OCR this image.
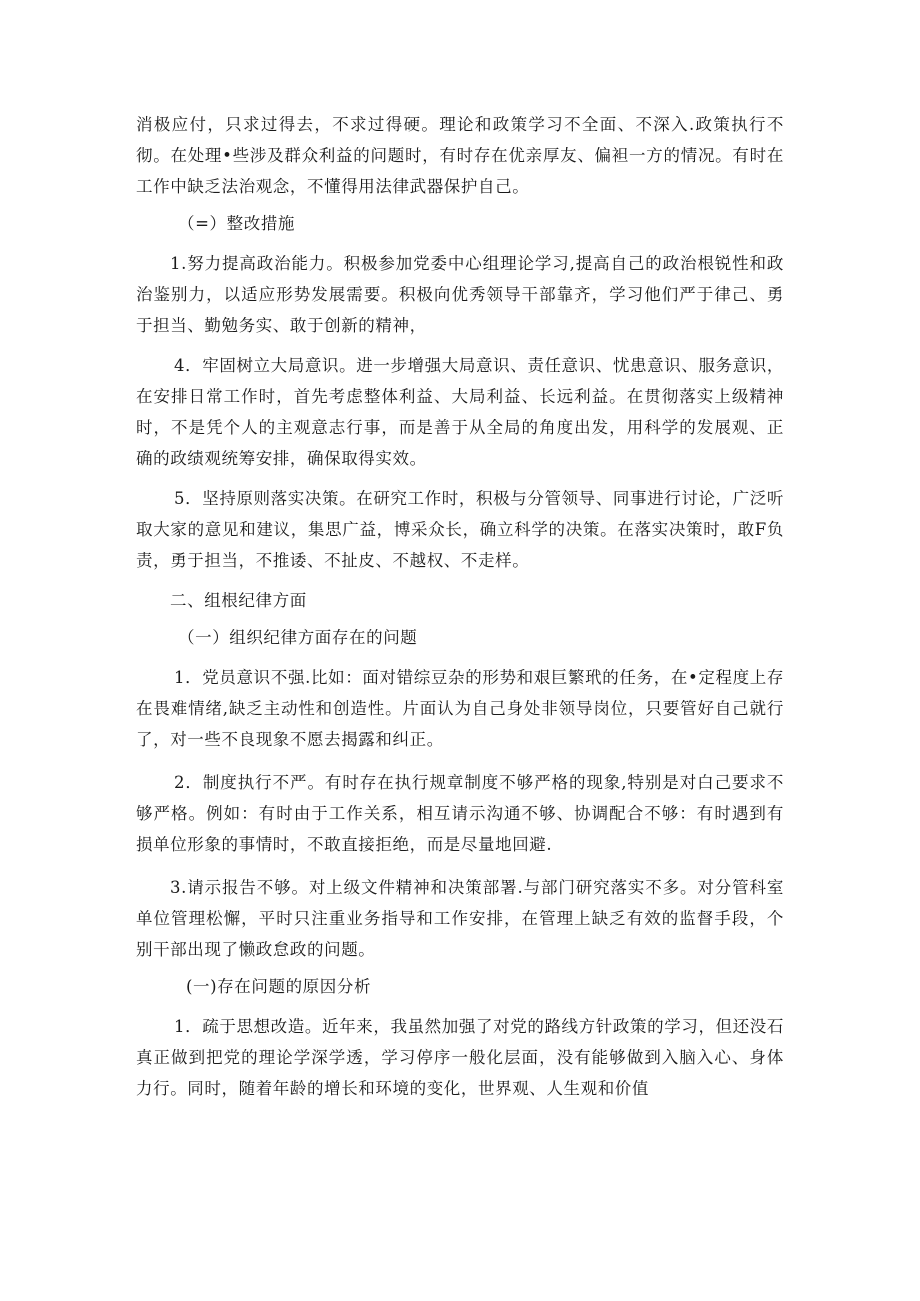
消极应付，只求过得去，不求过得硬。理论和政策学习不全面、不深入.政策执行不彻。在处理•些涉及群众利益的问题时，有时存在优亲厚友、偏袒一方的情况。有时在工作中缺乏法治观念，不懂得用法律武器保护自己。

（=）整改措施

1.努力提高政治能力。积极参加党委中心组理论学习,提高自己的政治根锐性和政治鉴别力，以适应形势发展需要。积极向优秀领导干部靠齐，学习他们严于律己、勇于担当、勤勉务实、敢于创新的精神，

4．牢固树立大局意识。进一步增强大局意识、责任意识、忧患意识、服务意识，在安排日常工作时，首先考虑整体利益、大局利益、长远利益。在贯彻落实上级精神时，不是凭个人的主观意志行事，而是善于从全局的角度出发，用科学的发展观、正确的政绩观统筹安排，确保取得实效。

5．坚持原则落实决策。在研究工作时，积极与分管领导、同事进行讨论，广泛听取大家的意见和建议，集思广益，博采众长，确立科学的决策。在落实决策时，敢F负责，勇于担当，不推诿、不扯皮、不越权、不走样。

二、组根纪律方面

（一）组织纪律方面存在的问题

1．党员意识不强.比如：面对错综豆杂的形势和艰巨繁玳的任务，在•定程度上存在畏难情绪,缺乏主动性和创造性。片面认为自己身处非领导岗位，只要管好自己就行了，对一些不良现象不愿去揭露和纠正。

2．制度执行不严。有时存在执行规章制度不够严格的现象,特别是对白己要求不够严格。例如：有时由于工作关系，相互请示沟通不够、协调配合不够：有时遇到有损单位形象的事情时，不敢直接拒绝，而是尽量地回避.

3.请示报告不够。对上级文件精神和决策部署.与部门研究落实不多。对分管科室单位管理松懈，平时只注重业务指导和工作安排，在管理上缺乏有效的监督手段，个别干部出现了懒政怠政的问题。

(一)存在问题的原因分析

1．疏于思想改造。近年来，我虽然加强了对党的路线方针政策的学习，但还没石真正做到把党的理论学深学透，学习停序一般化层面，没有能够做到入脑入心、身体力行。同时，随着年龄的增长和环境的变化，世界观、人生观和价值
